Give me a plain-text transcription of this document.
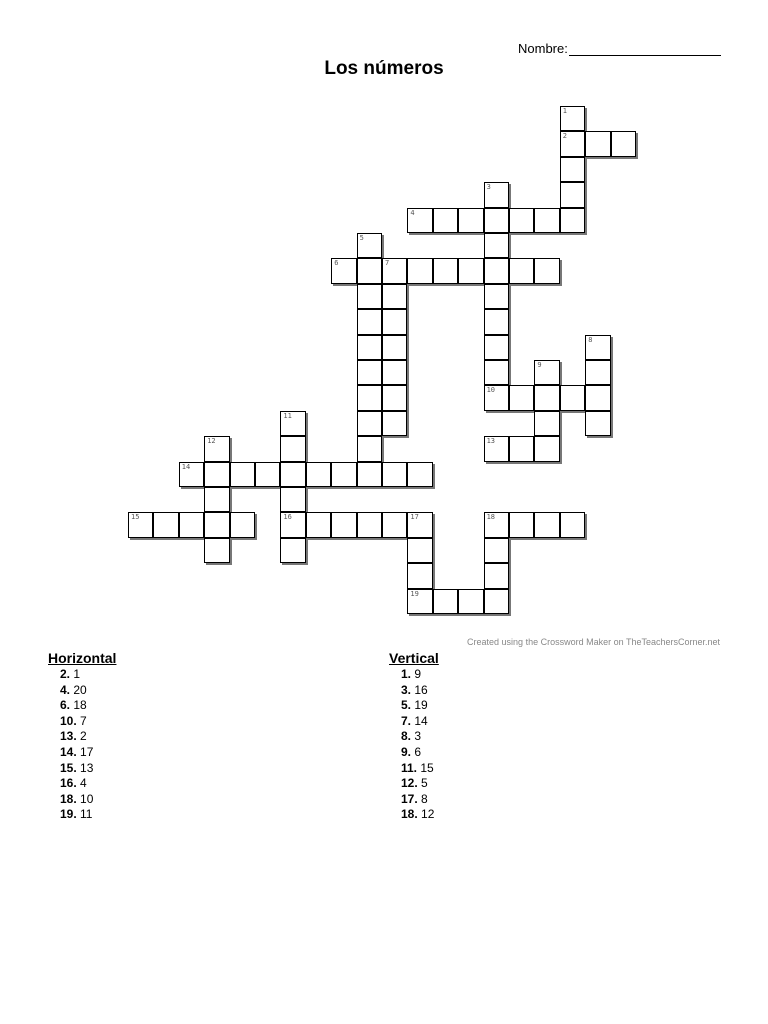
Nombre:
Los números
1
2
3
4
5
6	7
8
9
10
11
12	13
14
15	16	17	18
19
Created using the Crossword Maker on TheTeachersCorner.net
Horizontal
2. 1
4. 20
6. 18
10. 7
13. 2
14. 17
15. 13
16. 4
18. 10
19. 11
Vertical
1. 9
3. 16
5. 19
7. 14
8. 3
9. 6
11. 15
12. 5
17. 8
18. 12
